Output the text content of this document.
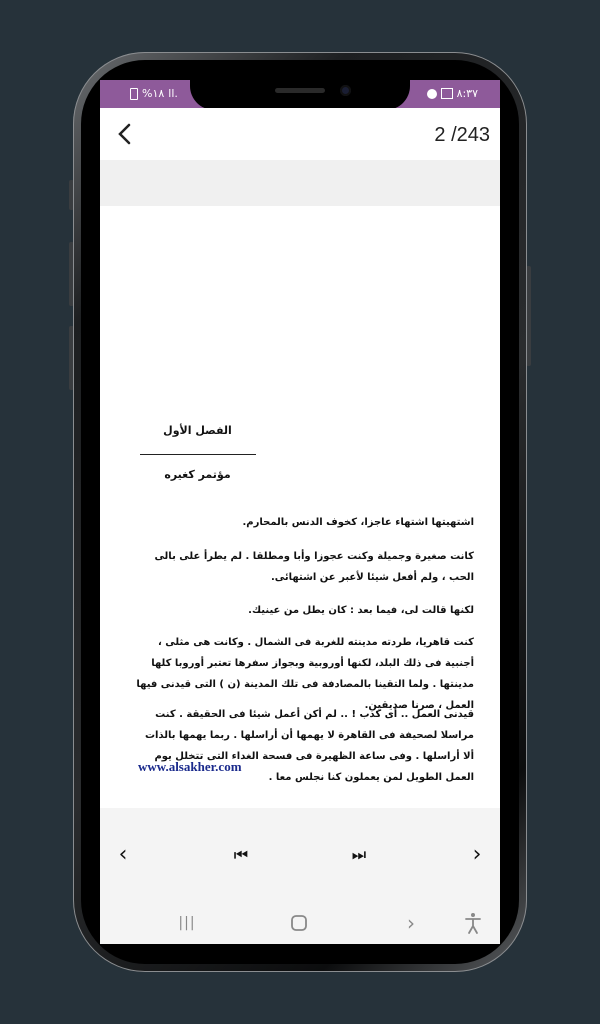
%١٨ ll.	٨:٣٧
2 /243
الفصل الأول
مؤتمر كغيره
اشتهيتها اشتهاء عاجزا، كخوف الدنس بالمحارم.
كانت صغيرة وجميلة وكنت عجوزا وأبا ومطلقا . لم يطرأ على بالى الحب ، ولم أفعل شيئا لأعبر عن اشتهائى.
لكنها قالت لى، فيما بعد : كان يطل من عينيك.
كنت قاهريا، طردته مدينته للغربة فى الشمال . وكانت هى مثلى ، أجنبية فى ذلك البلد، لكنها أوروبية وبجواز سفرها تعتبر أوروبا كلها مدينتها . ولما التقينا بالمصادفة فى تلك المدينة (ن ) التى قيدنى فيها العمل ، صرنا صديقين.
قيدنى العمل .. أى كذب ! .. لم أكن أعمل شيئا فى الحقيقة . كنت مراسلا لصحيفة فى القاهرة لا يهمها أن أراسلها . ربما يهمها بالذات ألا أراسلها . وفى ساعة الظهيرة فى فسحة الغداء التى تتخلل يوم العمل الطويل لمن يعملون كنا نجلس معا .
www.alsakher.com
‹	⏮	⏭	›
|||	›
